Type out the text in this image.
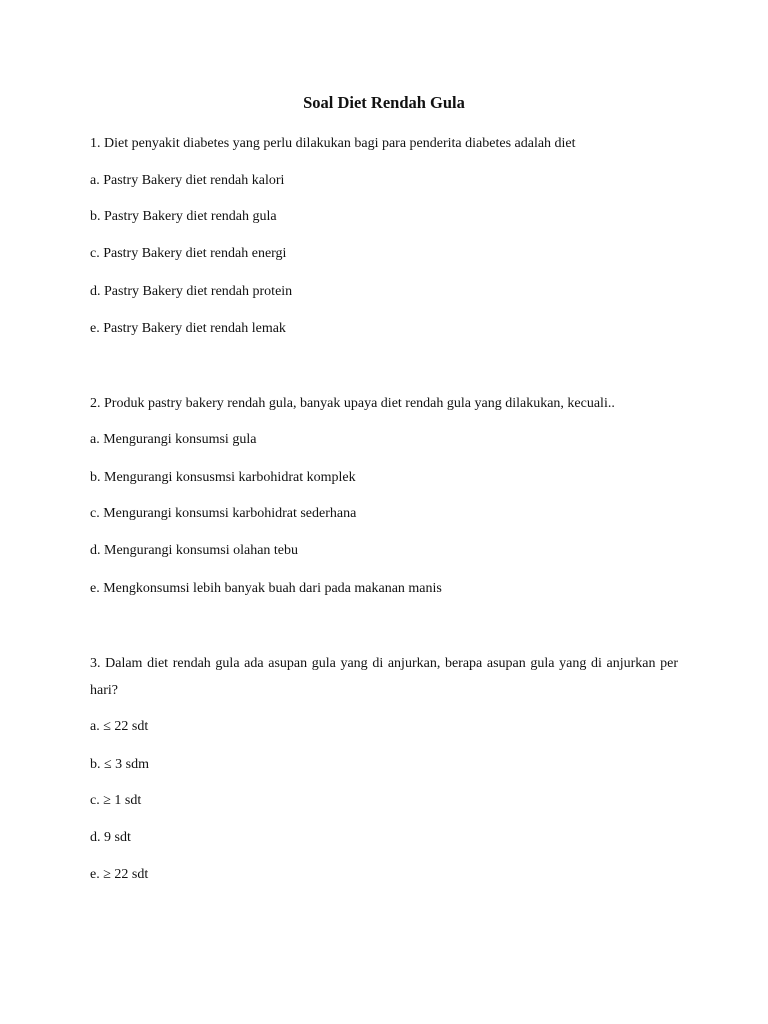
Soal Diet Rendah Gula
1. Diet penyakit diabetes yang perlu dilakukan bagi para penderita diabetes adalah diet
a. Pastry Bakery diet rendah kalori
b. Pastry Bakery diet rendah gula
c. Pastry Bakery diet rendah energi
d. Pastry Bakery diet rendah protein
e. Pastry Bakery diet rendah lemak
2. Produk pastry bakery rendah gula, banyak upaya diet rendah gula yang dilakukan, kecuali..
a. Mengurangi konsumsi gula
b. Mengurangi konsusmsi karbohidrat komplek
c. Mengurangi konsumsi karbohidrat sederhana
d. Mengurangi konsumsi olahan tebu
e. Mengkonsumsi lebih banyak buah dari pada makanan manis
3. Dalam diet rendah gula ada asupan gula yang di anjurkan, berapa asupan gula yang di anjurkan per hari?
a. ≤ 22 sdt
b. ≤ 3 sdm
c. ≥ 1 sdt
d. 9 sdt
e. ≥ 22 sdt
